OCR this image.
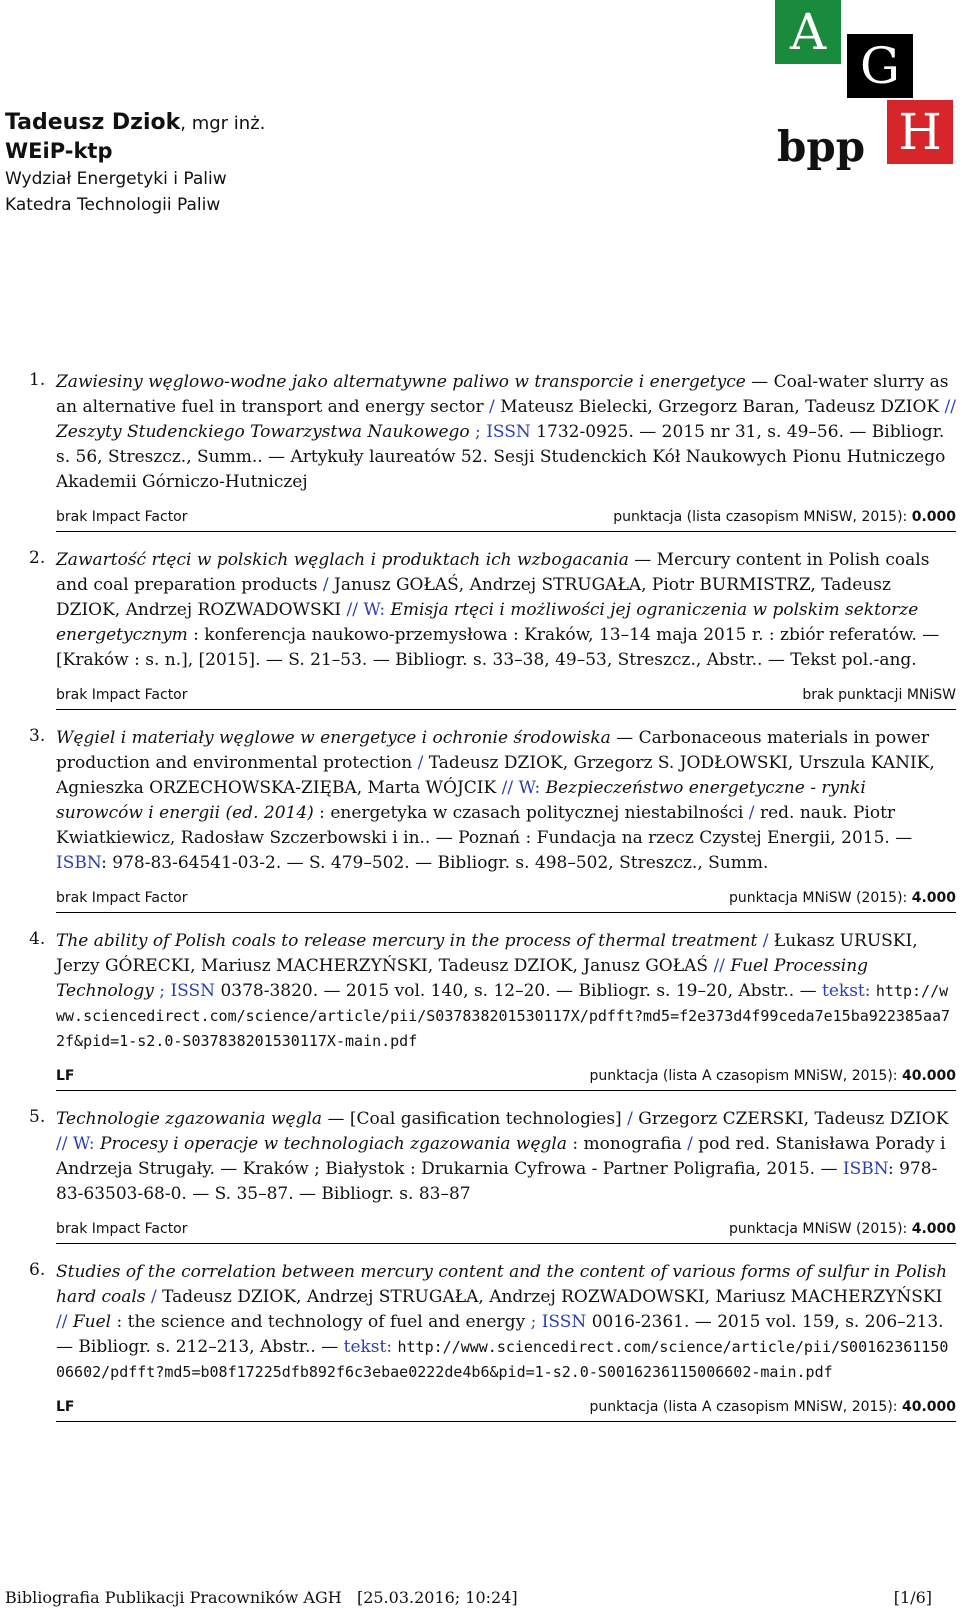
Tadeusz Dziok, mgr inż.
WEiP-ktp
Wydział Energetyki i Paliw
Katedra Technologii Paliw
A
G
H
bpp
1. Zawiesiny węglowo-wodne jako alternatywne paliwo w transporcie i energetyce — Coal-water slurry as an alternative fuel in transport and energy sector / Mateusz Bielecki, Grzegorz Baran, Tadeusz DZIOK // Zeszyty Studenckiego Towarzystwa Naukowego ; ISSN 1732-0925. — 2015 nr 31, s. 49–56. — Bibliogr. s. 56, Streszcz., Summ.. — Artykuły laureatów 52. Sesji Studenckich Kół Naukowych Pionu Hutniczego Akademii Górniczo-Hutniczej
brak Impact Factor	punktacja (lista czasopism MNiSW, 2015): 0.000
2. Zawartość rtęci w polskich węglach i produktach ich wzbogacania — Mercury content in Polish coals and coal preparation products / Janusz GOŁAŚ, Andrzej STRUGAŁA, Piotr BURMISTRZ, Tadeusz DZIOK, Andrzej ROZWADOWSKI // W: Emisja rtęci i możliwości jej ograniczenia w polskim sektorze energetycznym : konferencja naukowo-przemysłowa : Kraków, 13–14 maja 2015 r. : zbiór referatów. — [Kraków : s. n.], [2015]. — S. 21–53. — Bibliogr. s. 33–38, 49–53, Streszcz., Abstr.. — Tekst pol.-ang.
brak Impact Factor	brak punktacji MNiSW
3. Węgiel i materiały węglowe w energetyce i ochronie środowiska — Carbonaceous materials in power production and environmental protection / Tadeusz DZIOK, Grzegorz S. JODŁOWSKI, Urszula KANIK, Agnieszka ORZECHOWSKA-ZIĘBA, Marta WÓJCIK // W: Bezpieczeństwo energetyczne - rynki surowców i energii (ed. 2014) : energetyka w czasach politycznej niestabilności / red. nauk. Piotr Kwiatkiewicz, Radosław Szczerbowski i in.. — Poznań : Fundacja na rzecz Czystej Energii, 2015. — ISBN: 978-83-64541-03-2. — S. 479–502. — Bibliogr. s. 498–502, Streszcz., Summ.
brak Impact Factor	punktacja MNiSW (2015): 4.000
4. The ability of Polish coals to release mercury in the process of thermal treatment / Łukasz URUSKI, Jerzy GÓRECKI, Mariusz MACHERZYŃSKI, Tadeusz DZIOK, Janusz GOŁAŚ // Fuel Processing Technology ; ISSN 0378-3820. — 2015 vol. 140, s. 12–20. — Bibliogr. s. 19–20, Abstr.. — tekst: http://www.sciencedirect.com/science/article/pii/S037838201530117X/pdfft?md5=f2e373d4f99ceda7e15ba922385aa72f&pid=1-s2.0-S037838201530117X-main.pdf
LF	punktacja (lista A czasopism MNiSW, 2015): 40.000
5. Technologie zgazowania węgla — [Coal gasification technologies] / Grzegorz CZERSKI, Tadeusz DZIOK // W: Procesy i operacje w technologiach zgazowania węgla : monografia / pod red. Stanisława Porady i Andrzeja Strugały. — Kraków ; Białystok : Drukarnia Cyfrowa - Partner Poligrafia, 2015. — ISBN: 978-83-63503-68-0. — S. 35–87. — Bibliogr. s. 83–87
brak Impact Factor	punktacja MNiSW (2015): 4.000
6. Studies of the correlation between mercury content and the content of various forms of sulfur in Polish hard coals / Tadeusz DZIOK, Andrzej STRUGAŁA, Andrzej ROZWADOWSKI, Mariusz MACHERZYŃSKI // Fuel : the science and technology of fuel and energy ; ISSN 0016-2361. — 2015 vol. 159, s. 206–213. — Bibliogr. s. 212–213, Abstr.. — tekst: http://www.sciencedirect.com/science/article/pii/S0016236115006602/pdfft?md5=b08f17225dfb892f6c3ebae0222de4b6&pid=1-s2.0-S0016236115006602-main.pdf
LF	punktacja (lista A czasopism MNiSW, 2015): 40.000
Bibliografia Publikacji Pracowników AGH [25.03.2016; 10:24]	[1/6]
